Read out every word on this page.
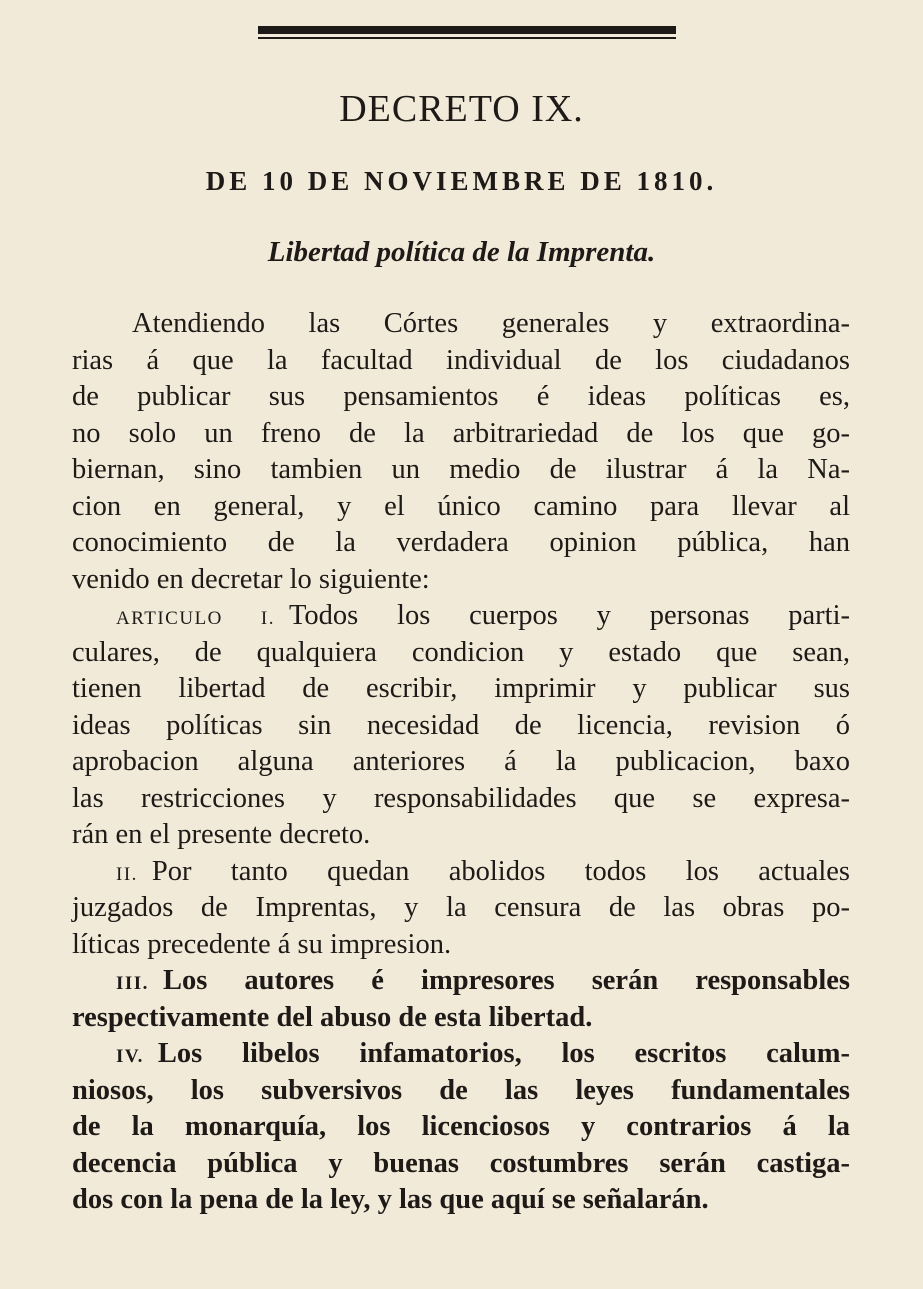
DECRETO IX.
DE 10 DE NOVIEMBRE DE 1810.
Libertad política de la Imprenta.
Atendiendo las Córtes generales y extraordina-
rias á que la facultad individual de los ciudadanos
de publicar sus pensamientos é ideas políticas es,
no solo un freno de la arbitrariedad de los que go-
biernan, sino tambien un medio de ilustrar á la Na-
cion en general, y el único camino para llevar al
conocimiento de la verdadera opinion pública, han
venido en decretar lo siguiente:
ARTICULO I. Todos los cuerpos y personas parti-
culares, de qualquiera condicion y estado que sean,
tienen libertad de escribir, imprimir y publicar sus
ideas políticas sin necesidad de licencia, revision ó
aprobacion alguna anteriores á la publicacion, baxo
las restricciones y responsabilidades que se expresa-
rán en el presente decreto.
II. Por tanto quedan abolidos todos los actuales
juzgados de Imprentas, y la censura de las obras po-
líticas precedente á su impresion.
III. Los autores é impresores serán responsables
respectivamente del abuso de esta libertad.
IV. Los libelos infamatorios, los escritos calum-
niosos, los subversivos de las leyes fundamentales
de la monarquía, los licenciosos y contrarios á la
decencia pública y buenas costumbres serán castiga-
dos con la pena de la ley, y las que aquí se señalarán.
